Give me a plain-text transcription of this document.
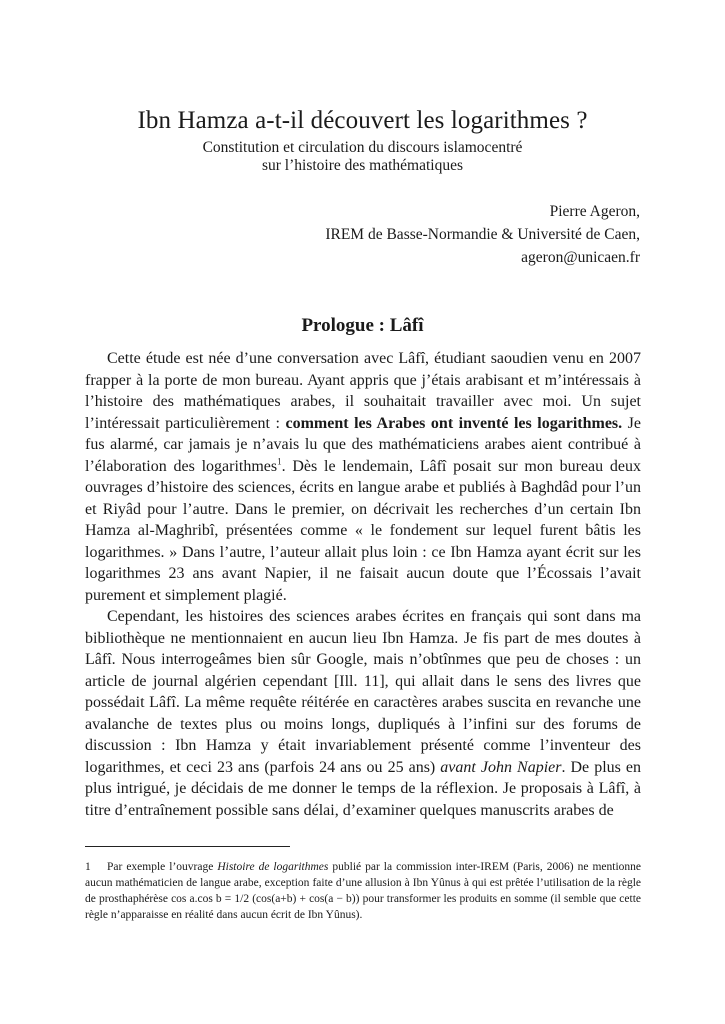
Ibn Hamza a-t-il découvert les logarithmes ?
Constitution et circulation du discours islamocentré
sur l’histoire des mathématiques
Pierre Ageron,
IREM de Basse-Normandie & Université de Caen,
ageron@unicaen.fr
Prologue : Lâfî

Cette étude est née d’une conversation avec Lâfî, étudiant saoudien venu en 2007 frapper à la porte de mon bureau. Ayant appris que j’étais arabisant et m’intéressais à l’histoire des mathématiques arabes, il souhaitait travailler avec moi. Un sujet l’intéressait particulièrement : comment les Arabes ont inventé les logarithmes. Je fus alarmé, car jamais je n’avais lu que des mathématiciens arabes aient contribué à l’élaboration des logarithmes$^1$. Dès le lendemain, Lâfî posait sur mon bureau deux ouvrages d’histoire des sciences, écrits en langue arabe et publiés à Baghdâd pour l’un et Riyâd pour l’autre. Dans le premier, on décrivait les recherches d’un certain Ibn Hamza al-Maghribî, présentées comme « le fondement sur lequel furent bâtis les logarithmes. » Dans l’autre, l’auteur allait plus loin : ce Ibn Hamza ayant écrit sur les logarithmes 23 ans avant Napier, il ne faisait aucun doute que l’Écossais l’avait purement et simplement plagié.

Cependant, les histoires des sciences arabes écrites en français qui sont dans ma bibliothèque ne mentionnaient en aucun lieu Ibn Hamza. Je fis part de mes doutes à Lâfî. Nous interrogeâmes bien sûr Google, mais n’obtînmes que peu de choses : un article de journal algérien cependant [Ill. 11], qui allait dans le sens des livres que possédait Lâfî. La même requête réitérée en caractères arabes suscita en revanche une avalanche de textes plus ou moins longs, dupliqués à l’infini sur des forums de discussion : Ibn Hamza y était invariablement présenté comme l’inventeur des logarithmes, et ceci 23 ans (parfois 24 ans ou 25 ans) avant John Napier. De plus en plus intrigué, je décidais de me donner le temps de la réflexion. Je proposais à Lâfî, à titre d’entraînement possible sans délai, d’examiner quelques manuscrits arabes de

1 Par exemple l’ouvrage Histoire de logarithmes publié par la commission inter-IREM (Paris, 2006) ne mentionne aucun mathématicien de langue arabe, exception faite d’une allusion à Ibn Yûnus à qui est prêtée l’utilisation de la règle de prosthaphérèse cos a.cos b = 1/2 (cos(a+b) + cos(a − b)) pour transformer les produits en somme (il semble que cette règle n’apparaisse en réalité dans aucun écrit de Ibn Yûnus).
